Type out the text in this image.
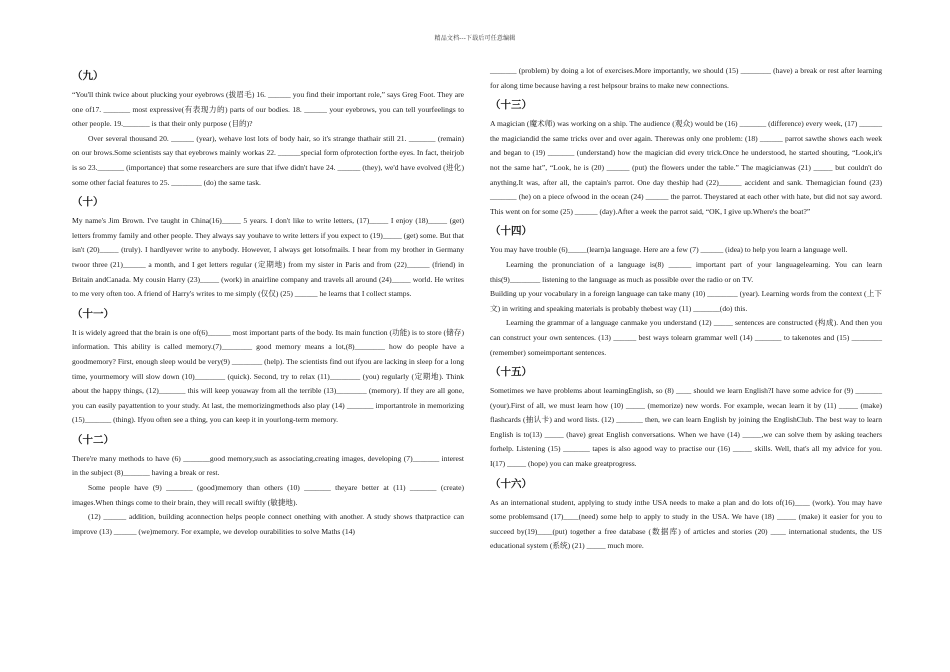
精品文档---下载后可任意编辑
（九）

“You'll think twice about plucking your eyebrows (拔眉毛) 16. ______ you find their important role,” says Greg Foot. They are one of17. _______ most expressive(有表现力的) parts of our bodies. 18. ______ your eyebrows, you can tell yourfeelings to other people. 19._______ is that their only purpose (目的)?

Over several thousand 20. ______ (year), wehave lost lots of body hair, so it's strange thathair still 21. _______ (remain) on our brows.Some scientists say that eyebrows mainly workas 22. ______special form ofprotection forthe eyes. In fact, theirjob is so 23._______ (importance) that some researchers are sure that ifwe didn't have 24. ______ (they), we'd have evolved (进化) some other facial features to 25. ________ (do) the same task.

（十）

My name's Jim Brown. I've taught in China(16)_____ 5 years. I don't like to write letters, (17)_____ I enjoy (18)_____ (get) letters frommy family and other people. They always say youhave to write letters if you expect to (19)_____ (get) some. But that isn't (20)_____ (truly). I hardlyever write to anybody. However, I always get lotsofmails. I hear from my brother in Germany twoor three (21)______ a month, and I get letters regular (定期地) from my sister in Paris and from (22)______ (friend) in Britain andCanada. My cousin Harry (23)_____ (work) in anairline company and travels all around (24)_____ world. He writes to me very often too. A friend of Harry's writes to me simply (仅仅) (25) ______ he learns that I collect stamps.

（十一）

It is widely agreed that the brain is one of(6)______ most important parts of the body. Its main function (功能) is to store (储存) information. This ability is called memory.(7)________ good memory means a lot,(8)________ how do people have a goodmemory? First, enough sleep would be very(9) ________ (help). The scientists find out ifyou are lacking in sleep for a long time, yourmemory will slow down (10)________ (quick). Second, try to relax (11)________ (you) regularly (定期地). Think about the happy things, (12)_______ this will keep youaway from all the terrible (13)________ (memory). If they are all gone, you can easily payattention to your study. At last, the memorizingmethods also play (14) _______ importantrole in memorizing (15)_______ (thing). Ifyou often see a thing, you can keep it in yourlong-term memory.

（十二）

There're many methods to have (6) _______good memory,such as associating,creating images, developing (7)_______ interest in the subject (8)_______ having a break or rest.

Some people have (9) _______ (good)memory than others (10) _______ theyare better at (11) _______ (create) images.When things come to their brain, they will recall swiftly (敏捷地).

(12) ______ addition, building aconnection helps people connect onething with another. A study shows thatpractice can improve (13) ______ (we)memory. For example, we develop ourabilities to solve Maths (14)

_______ (problem) by doing a lot of exercises.More importantly, we should (15) ________ (have) a break or rest after learning for along time because having a rest helpsour brains to make new connections.

（十三）

A magician (魔术师) was working on a ship. The audience (观众) would be (16) _______ (difference) every week, (17) ______ the magiciandid the same tricks over and over again. Therewas only one problem: (18) ______ parrot sawthe shows each week and began to (19) _______ (understand) how the magician did every trick.Once he understood, he started shouting, “Look,it's not the same hat”, “Look, he is (20) ______ (put) the flowers under the table.” The magicianwas (21) _____ but couldn't do anything.It was, after all, the captain's parrot. One day theship had (22)______ accident and sank. Themagician found (23) _______ (he) on a piece ofwood in the ocean (24) ______ the parrot. Theystared at each other with hate, but did not say aword. This went on for some (25) ______ (day).After a week the parrot said, “OK, I give up.Where's the boat?”

（十四）

You may have trouble (6)_____(learn)a language. Here are a few (7) ______ (idea) to help you learn a language well.

Learning the pronunciation of a language is(8) ______ important part of your languagelearning. You can learn this(9)________ listening to the language as much as possible over the radio or on TV.

Building up your vocabulary in a foreign language can take many (10) ________ (year). Learning words from the context (上下文) in writing and speaking materials is probably thebest way (11) _______(do) this.

Learning the grammar of a language canmake you understand (12) _____ sentences are constructed (构成). And then you can construct your own sentences. (13) ______ best ways tolearn grammar well (14) _______ to takenotes and (15) ________ (remember) someimportant sentences.

（十五）

Sometimes we have problems about learningEnglish, so (8) ____ should we learn English?I have some advice for (9) _______ (your).First of all, we must learn how (10) _____ (memorize) new words. For example, wecan learn it by (11) _____ (make) flashcards (抽认卡) and word lists. (12) _______ then, we can learn English by joining the EnglishClub. The best way to learn English is to(13) _____ (have) great English conversations. When we have (14) _____,we can solve them by asking teachers forhelp. Listening (15) _______ tapes is also agood way to practise our (16) _____ skills. Well, that's all my advice for you. I(17) _____ (hope) you can make greatprogress.

（十六）

As an international student, applying to study inthe USA needs to make a plan and do lots of(16)____ (work). You may have some problemsand (17)____(need) some help to apply to study in the USA. We have (18) _____ (make) it easier for you to succeed by(19)____(put) together a free database (数据库) of articles and stories (20) ____ international students, the US educational system (系统) (21) _____ much more.
